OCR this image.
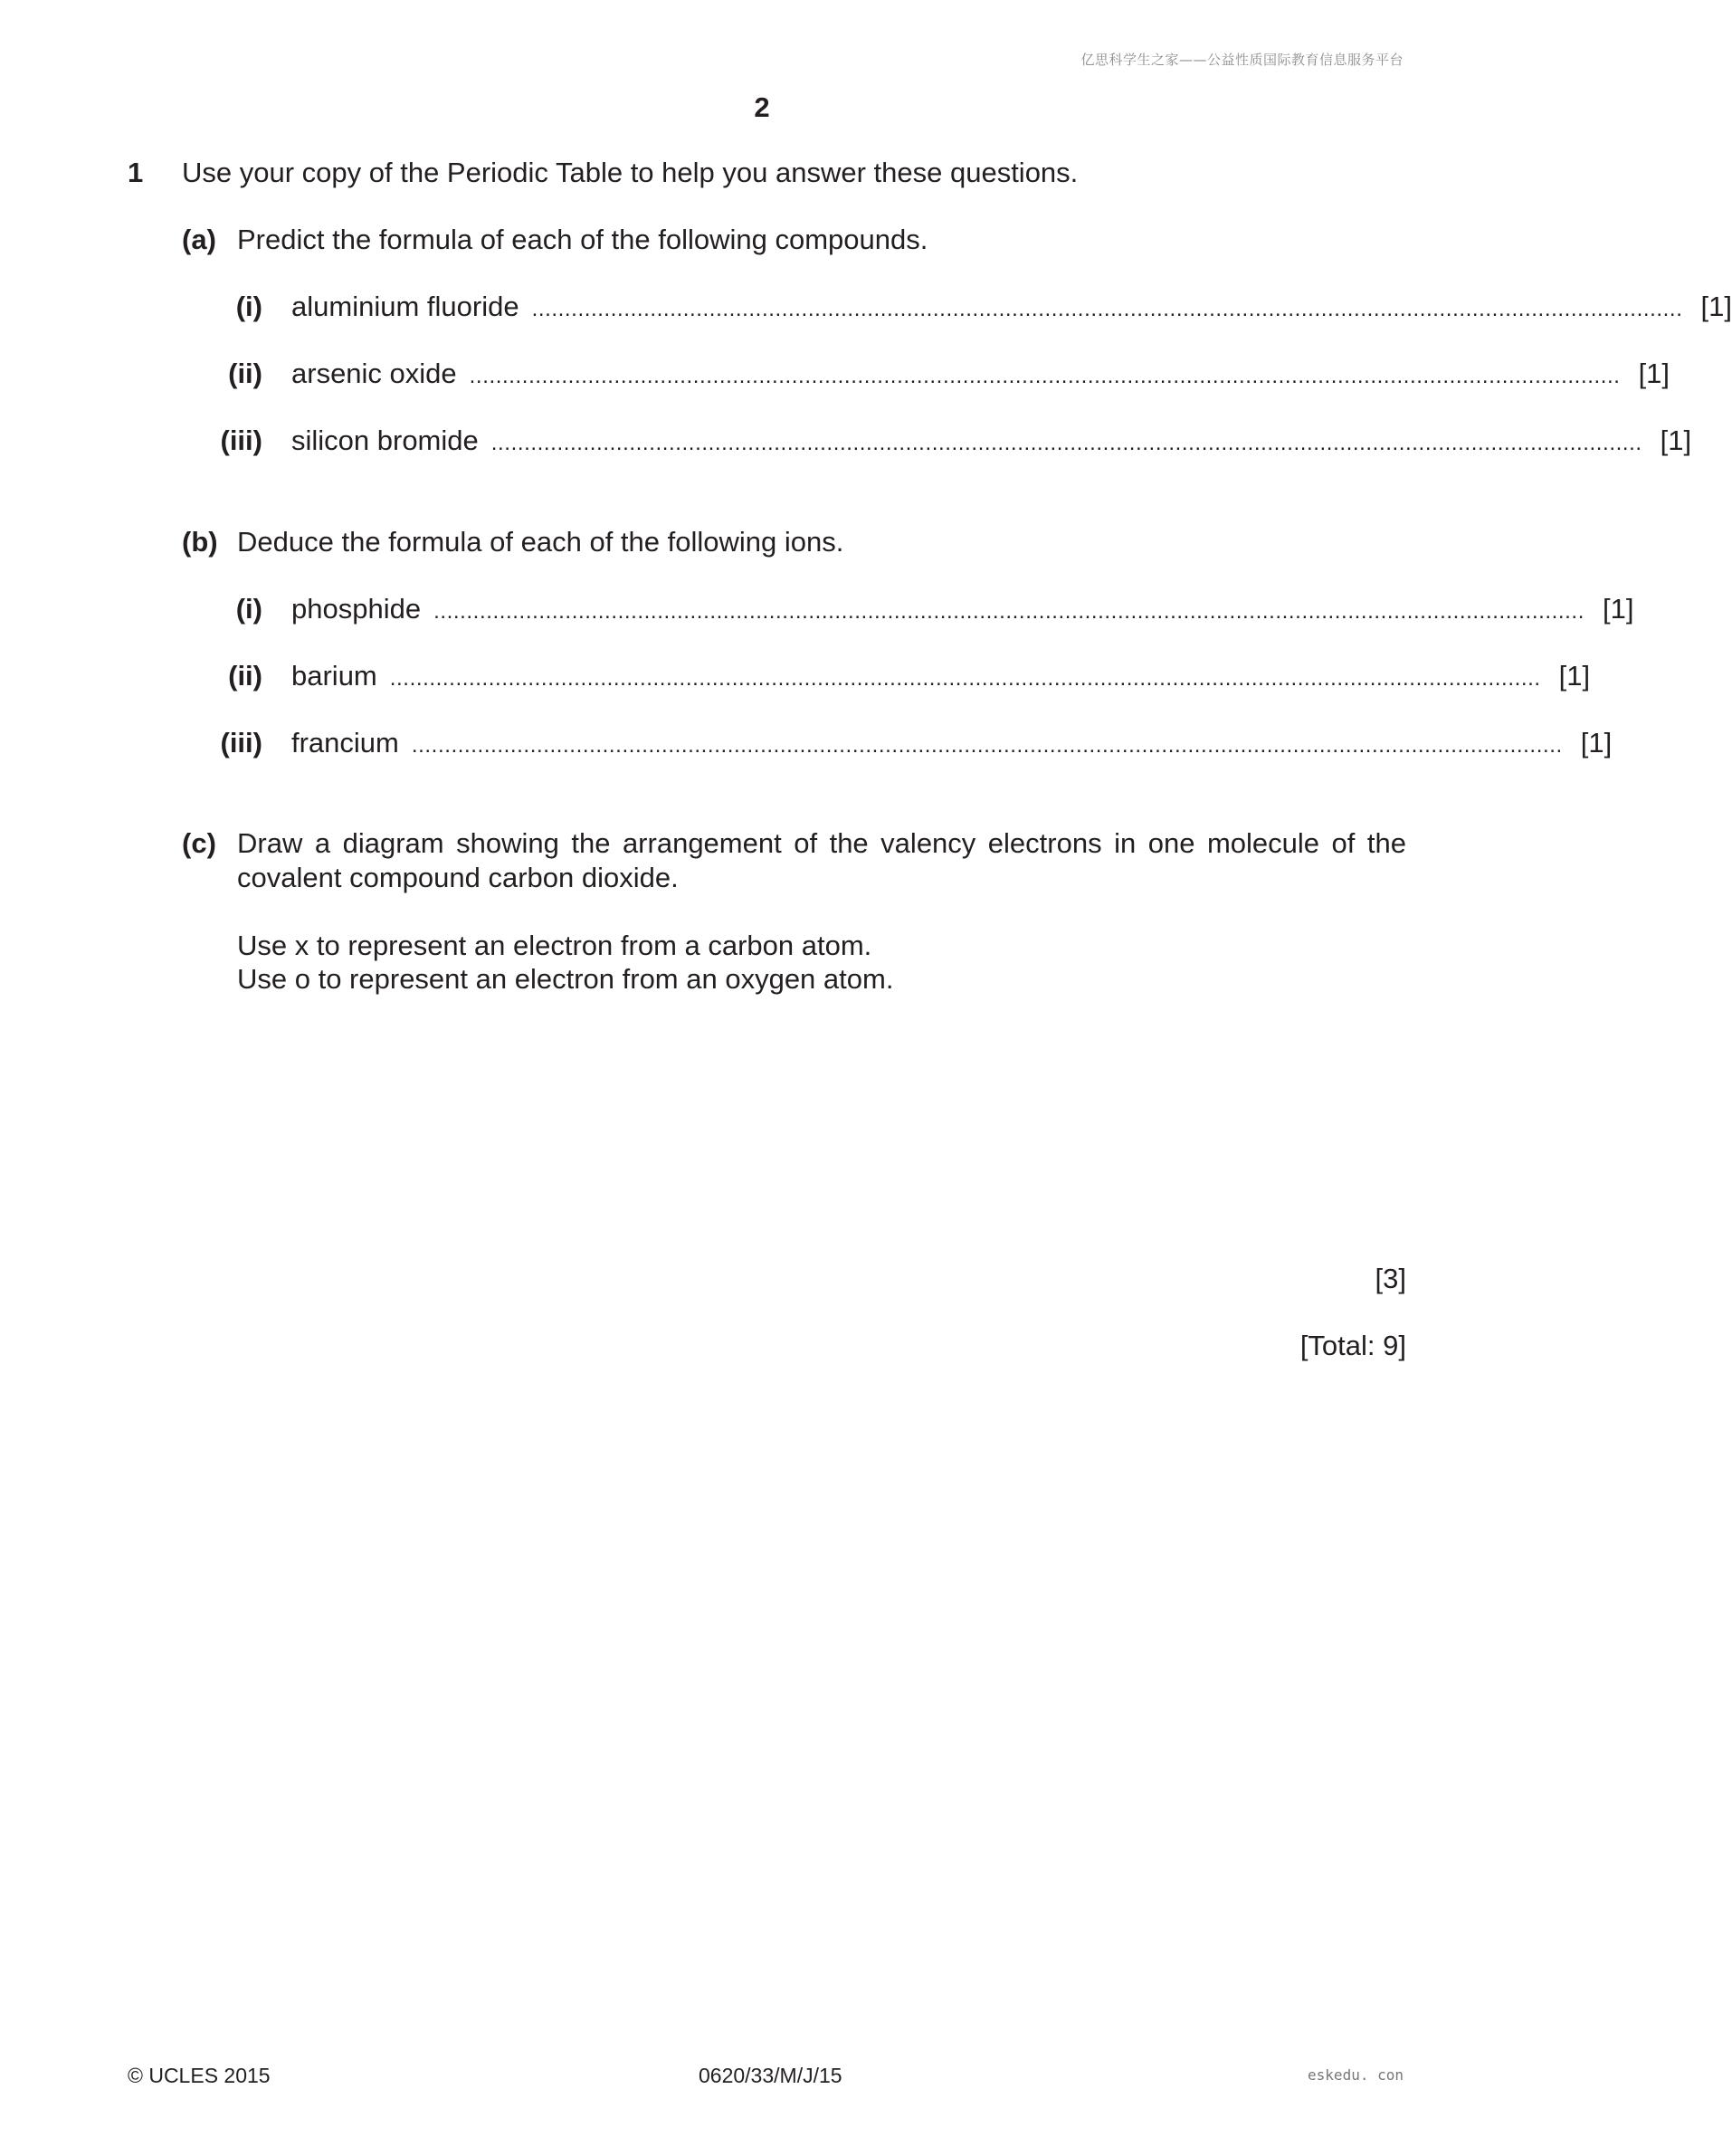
亿思科学生之家——公益性质国际教育信息服务平台
2
1 Use your copy of the Periodic Table to help you answer these questions.
(a) Predict the formula of each of the following compounds.
(i) aluminium fluoride ............................................................................................................................................................................... [1]
(ii) arsenic oxide ............................................................................................................................................................................... [1]
(iii) silicon bromide ............................................................................................................................................................................... [1]
(b) Deduce the formula of each of the following ions.
(i) phosphide ............................................................................................................................................................................... [1]
(ii) barium ............................................................................................................................................................................... [1]
(iii) francium ............................................................................................................................................................................... [1]
(c) Draw a diagram showing the arrangement of the valency electrons in one molecule of the covalent compound carbon dioxide.
Use x to represent an electron from a carbon atom.
Use o to represent an electron from an oxygen atom.
[3]
[Total: 9]
© UCLES 2015	0620/33/M/J/15	eskedu. con
